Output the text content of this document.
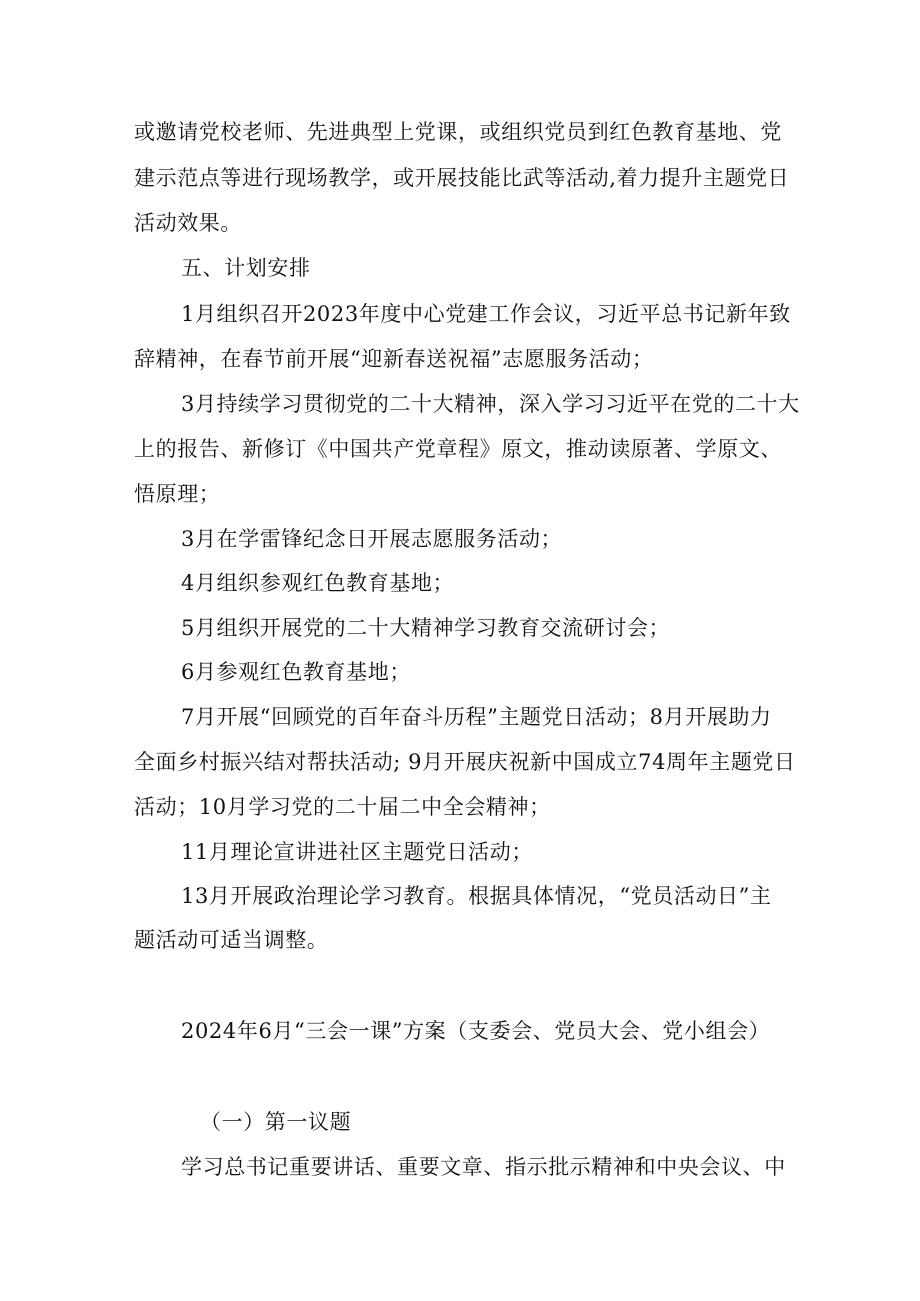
或邀请党校老师、先进典型上党课，或组织党员到红色教育基地、党
建示范点等进行现场教学，或开展技能比武等活动,着力提升主题党日
活动效果。
五、计划安排
1月组织召开2023年度中心党建工作会议，习近平总书记新年致
辞精神，在春节前开展“迎新春送祝福”志愿服务活动；
3月持续学习贯彻党的二十大精神，深入学习习近平在党的二十大
上的报告、新修订《中国共产党章程》原文，推动读原著、学原文、
悟原理；
3月在学雷锋纪念日开展志愿服务活动；
4月组织参观红色教育基地；
5月组织开展党的二十大精神学习教育交流研讨会；
6月参观红色教育基地；
7月开展“回顾党的百年奋斗历程”主题党日活动；8月开展助力
全面乡村振兴结对帮扶活动; 9月开展庆祝新中国成立74周年主题党日
活动；10月学习党的二十届二中全会精神；
11月理论宣讲进社区主题党日活动；
13月开展政治理论学习教育。根据具体情况，“党员活动日”主
题活动可适当调整。
2024年6月“三会一课”方案（支委会、党员大会、党小组会）
（一）第一议题
学习总书记重要讲话、重要文章、指示批示精神和中央会议、中
